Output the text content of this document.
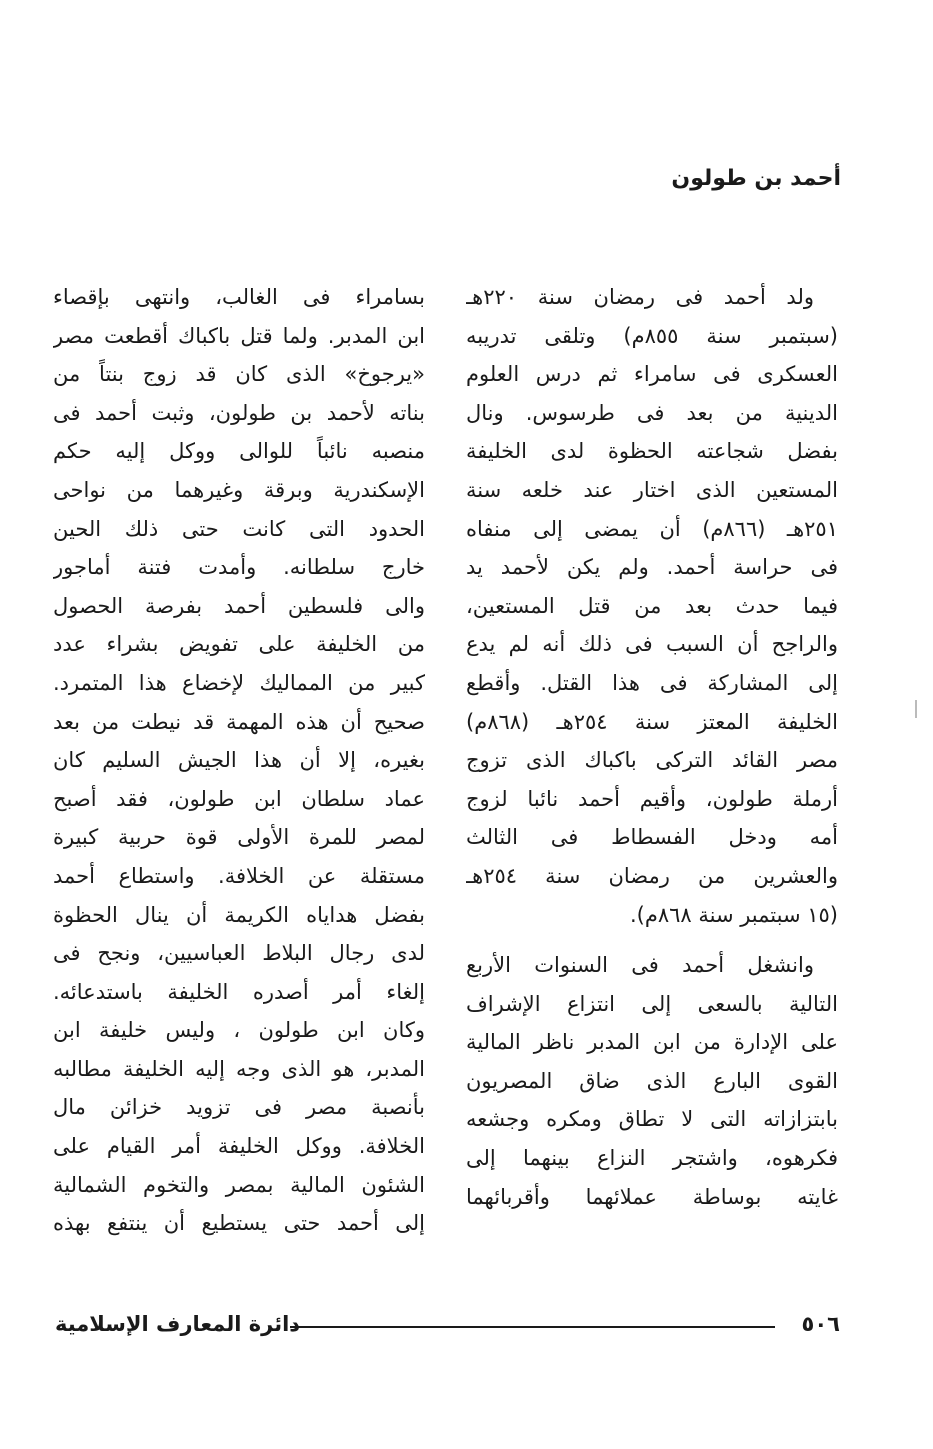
أحمد بن طولون
ولد أحمد فى رمضان سنة ٢٢٠هـ
(سبتمبر سنة ٨٥٥م) وتلقى تدريبه
العسكرى فى سامراء ثم درس العلوم
الدينية من بعد فى طرسوس. ونال
بفضل شجاعته الحظوة لدى الخليفة
المستعين الذى اختار عند خلعه سنة
٢٥١هـ (٨٦٦م) أن يمضى إلى منفاه
فى حراسة أحمد. ولم يكن لأحمد يد
فيما حدث بعد من قتل المستعين،
والراجح أن السبب فى ذلك أنه لم يدع
إلى المشاركة فى هذا القتل. وأقطع
الخليفة المعتز سنة ٢٥٤هـ (٨٦٨م)
مصر القائد التركى باكباك الذى تزوج
أرملة طولون، وأقيم أحمد نائبا لزوج
أمه ودخل الفسطاط فى الثالث
والعشرين من رمضان سنة ٢٥٤هـ
(١٥ سبتمبر سنة ٨٦٨م).
وانشغل أحمد فى السنوات الأربع
التالية بالسعى إلى انتزاع الإشراف
على الإدارة من ابن المدبر ناظر المالية
القوى البارع الذى ضاق المصريون
بابتزازاته التى لا تطاق ومكره وجشعه
فكرهوه، واشتجر النزاع بينهما إلى
غايته بوساطة عملائهما وأقربائهما
بسامراء فى الغالب، وانتهى بإقصاء
ابن المدبر. ولما قتل باكباك أقطعت مصر
«يرجوخ» الذى كان قد زوج بنتاً من
بناته لأحمد بن طولون، وثبت أحمد فى
منصبه نائباً للوالى ووكل إليه حكم
الإسكندرية وبرقة وغيرهما من نواحى
الحدود التى كانت حتى ذلك الحين
خارج سلطانه. وأمدت فتنة أماجور
والى فلسطين أحمد بفرصة الحصول
من الخليفة على تفويض بشراء عدد
كبير من المماليك لإخضاع هذا المتمرد.
صحيح أن هذه المهمة قد نيطت من بعد
بغيره، إلا أن هذا الجيش السليم كان
عماد سلطان ابن طولون، فقد أصبح
لمصر للمرة الأولى قوة حربية كبيرة
مستقلة عن الخلافة. واستطاع أحمد
بفضل هداياه الكريمة أن ينال الحظوة
لدى رجال البلاط العباسيين، ونجح فى
إلغاء أمر أصدره الخليفة باستدعائه.
وكان ابن طولون ، وليس خليفة ابن
المدبر، هو الذى وجه إليه الخليفة مطالبه
بأنصبة مصر فى تزويد خزائن مال
الخلافة. ووكل الخليفة أمر القيام على
الشئون المالية بمصر والتخوم الشمالية
إلى أحمد حتى يستطيع أن ينتفع بهذه
٥٠٦
دائرة المعارف الإسلامية
